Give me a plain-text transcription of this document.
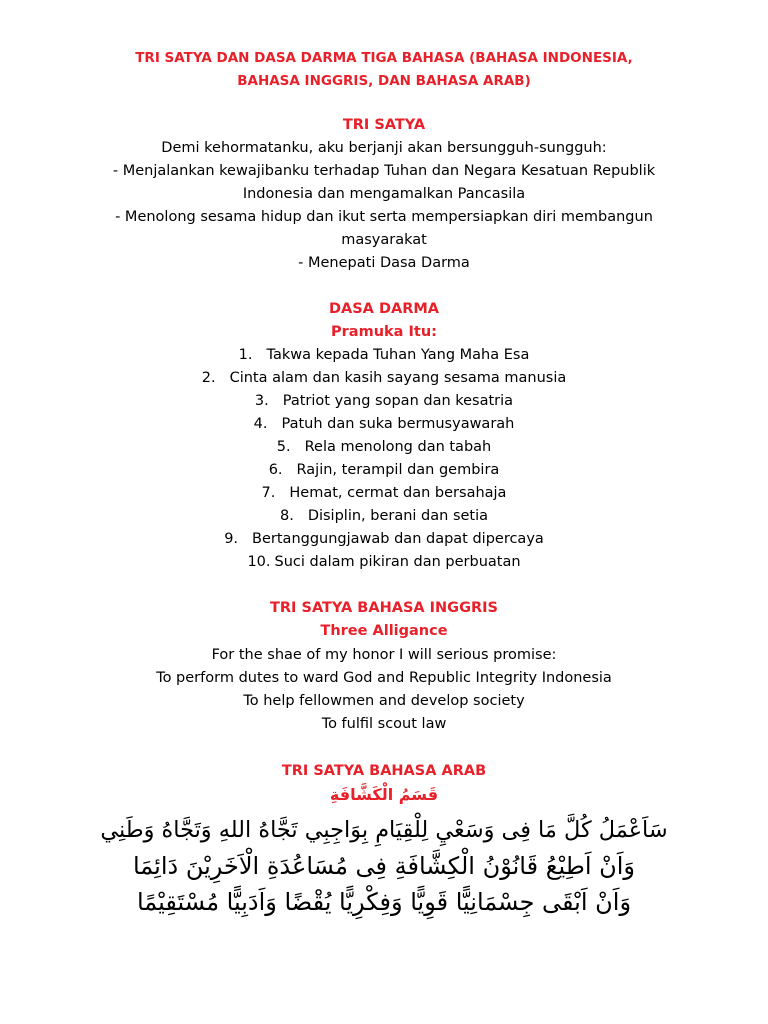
TRI SATYA DAN DASA DARMA TIGA BAHASA (BAHASA INDONESIA,
BAHASA INGGRIS, DAN BAHASA ARAB)
TRI SATYA
Demi kehormatanku, aku berjanji akan bersungguh-sungguh:
- Menjalankan kewajibanku terhadap Tuhan dan Negara Kesatuan Republik
Indonesia dan mengamalkan Pancasila
- Menolong sesama hidup dan ikut serta mempersiapkan diri membangun
masyarakat
- Menepati Dasa Darma
DASA DARMA
Pramuka Itu:
1. Takwa kepada Tuhan Yang Maha Esa
2. Cinta alam dan kasih sayang sesama manusia
3. Patriot yang sopan dan kesatria
4. Patuh dan suka bermusyawarah
5. Rela menolong dan tabah
6. Rajin, terampil dan gembira
7. Hemat, cermat dan bersahaja
8. Disiplin, berani dan setia
9. Bertanggungjawab dan dapat dipercaya
10. Suci dalam pikiran dan perbuatan
TRI SATYA BAHASA INGGRIS
Three Alligance
For the shae of my honor I will serious promise:
To perform dutes to ward God and Republic Integrity Indonesia
To help fellowmen and develop society
To fulfil scout law
TRI SATYA BAHASA ARAB
قَسَمُ الْكَشَّافَةِ
سَاَعْمَلُ كُلَّ مَا فِى وَسَعْيِ لِلْقِيَامِ بِوَاجِبِي تَجَّاهُ اللهِ وَتَجَّاهُ وَطَنِي
وَاَنْ اَطِيْعُ قَانُوْنُ الْكِشَّافَةِ فِى مُسَاعُدَةِ الْاَخَرِيْنَ دَائِمَا
وَاَنْ اَبْقَى جِسْمَانِيًّا قَوِيًّا وَفِكْرِيًّا يُقْضًا وَاَدَبِيًّا مُسْتَقِيْمًا
